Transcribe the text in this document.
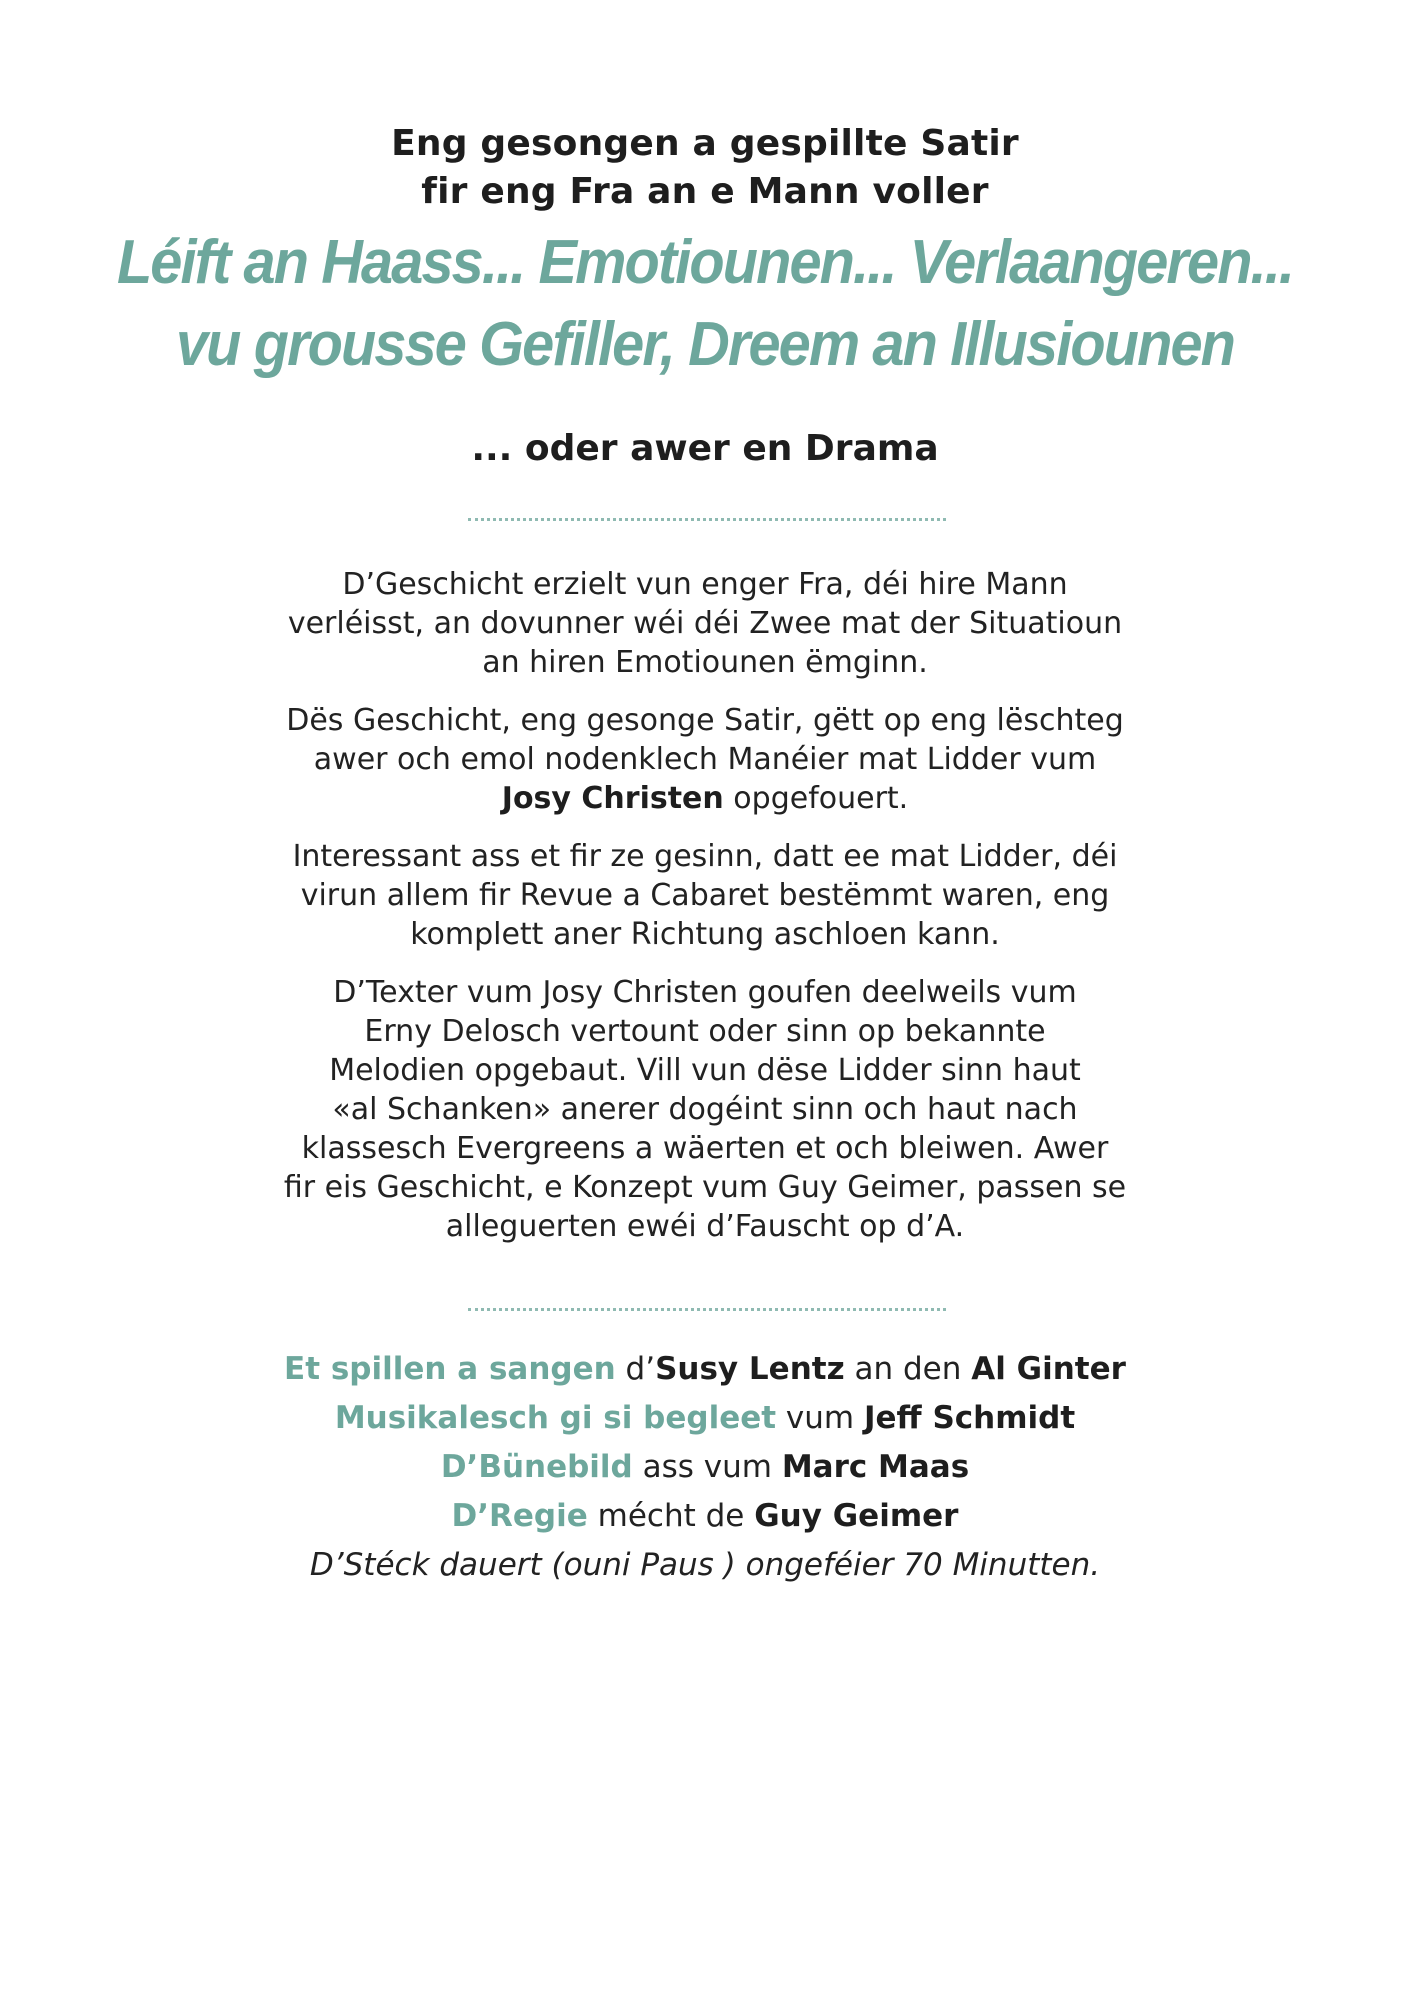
Eng gesongen a gespillte Satir
fir eng Fra an e Mann voller
Léift an Haass... Emotiounen... Verlaangeren...
vu grousse Gefiller, Dreem an Illusiounen
... oder awer en Drama

D’Geschicht erzielt vun enger Fra, déi hire Mann
verléisst, an dovunner wéi déi Zwee mat der Situatioun
an hiren Emotiounen ëmginn.

Dës Geschicht, eng gesonge Satir, gëtt op eng lëschteg
awer och emol nodenklech Manéier mat Lidder vum
Josy Christen opgefouert.

Interessant ass et fir ze gesinn, datt ee mat Lidder, déi
virun allem fir Revue a Cabaret bestëmmt waren, eng
komplett aner Richtung aschloen kann.

D’Texter vum Josy Christen goufen deelweils vum
Erny Delosch vertount oder sinn op bekannte
Melodien opgebaut. Vill vun dëse Lidder sinn haut
«al Schanken» anerer dogéint sinn och haut nach
klassesch Evergreens a wäerten et och bleiwen. Awer
fir eis Geschicht, e Konzept vum Guy Geimer, passen se
alleguerten ewéi d’Fauscht op d’A.

Et spillen a sangen d’Susy Lentz an den Al Ginter
Musikalesch gi si begleet vum Jeff Schmidt
D’Bünebild ass vum Marc Maas
D’Regie mécht de Guy Geimer
D’Stéck dauert (ouni Paus ) ongeféier 70 Minutten.
